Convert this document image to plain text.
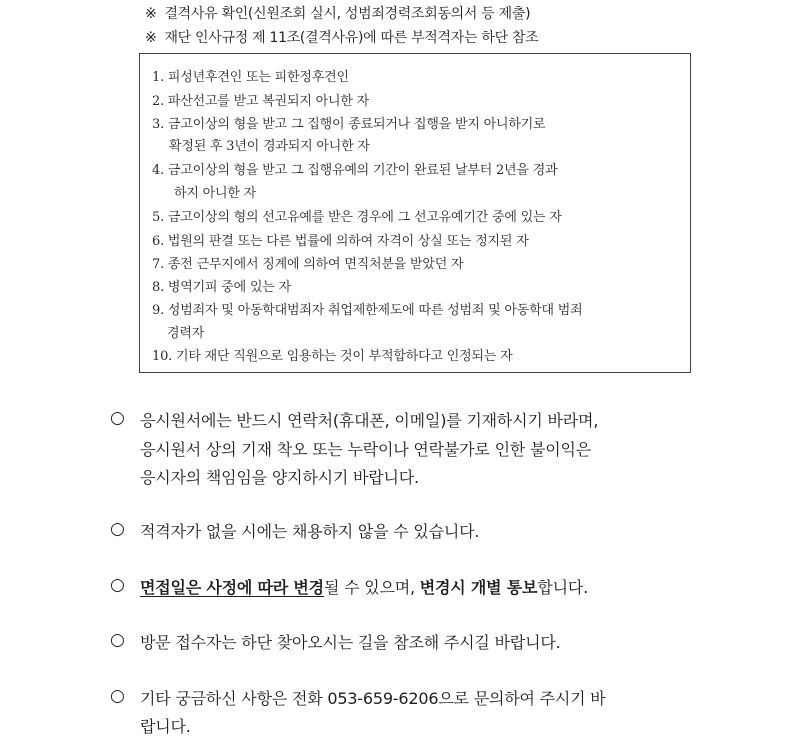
※ 결격사유 확인(신원조회 실시, 성범죄경력조회동의서 등 제출)
※ 재단 인사규정 제 11조(결격사유)에 따른 부적격자는 하단 참조
1. 피성년후견인 또는 피한정후견인
2. 파산선고를 받고 복권되지 아니한 자
3. 금고이상의 형을 받고 그 집행이 종료되거나 집행을 받지 아니하기로
확정된 후 3년이 경과되지 아니한 자
4. 금고이상의 형을 받고 그 집행유예의 기간이 완료된 날부터 2년을 경과
하지 아니한 자
5. 금고이상의 형의 선고유예를 받은 경우에 그 선고유예기간 중에 있는 자
6. 법원의 판결 또는 다른 법률에 의하여 자격이 상실 또는 정지된 자
7. 종전 근무지에서 징계에 의하여 면직처분을 받았던 자
8. 병역기피 중에 있는 자
9. 성범죄자 및 아동학대범죄자 취업제한제도에 따른 성범죄 및 아동학대 범죄
경력자
10. 기타 재단 직원으로 임용하는 것이 부적합하다고 인정되는 자
○ 응시원서에는 반드시 연락처(휴대폰, 이메일)를 기재하시기 바라며,
응시원서 상의 기재 착오 또는 누락이나 연락불가로 인한 불이익은
응시자의 책임임을 양지하시기 바랍니다.
○ 적격자가 없을 시에는 채용하지 않을 수 있습니다.
○ 면접일은 사정에 따라 변경될 수 있으며, 변경시 개별 통보합니다.
○ 방문 접수자는 하단 찾아오시는 길을 참조해 주시길 바랍니다.
○ 기타 궁금하신 사항은 전화 053-659-6206으로 문의하여 주시기 바
랍니다.
